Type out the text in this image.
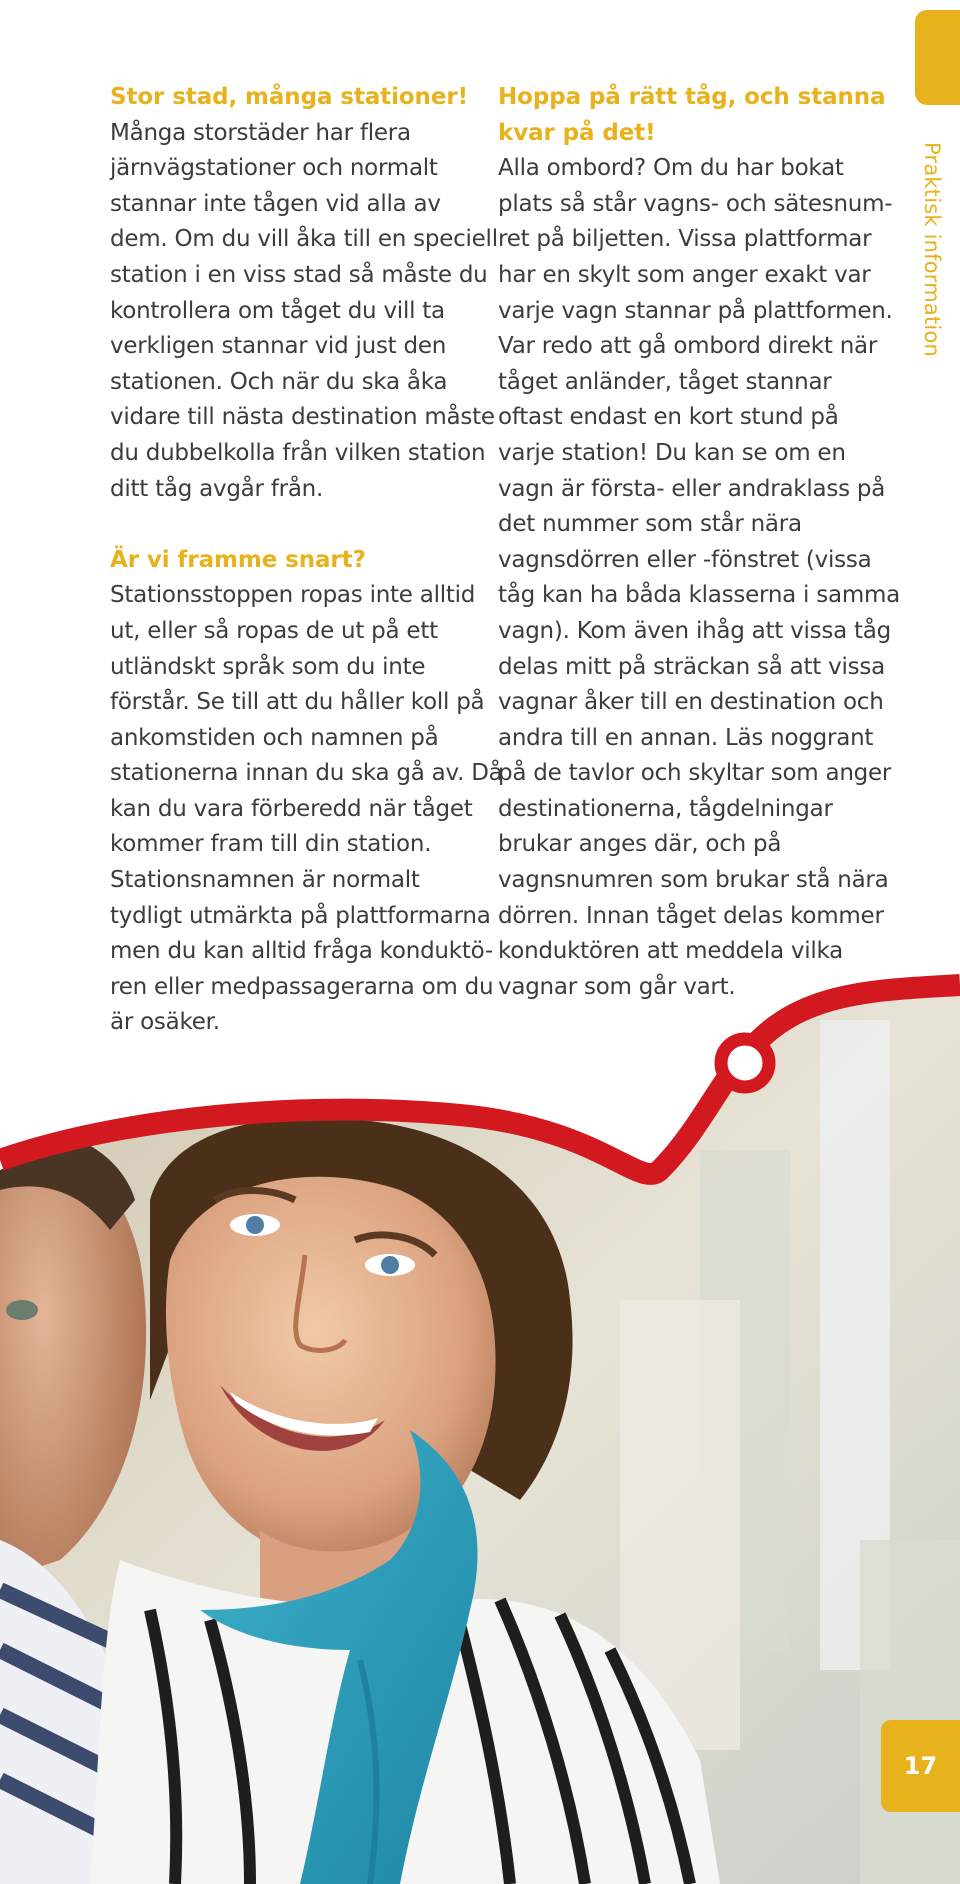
Praktisk information
Stor stad, många stationer!

Många storstäder har flera
järnvägstationer och normalt
stannar inte tågen vid alla av
dem. Om du vill åka till en speciell
station i en viss stad så måste du
kontrollera om tåget du vill ta
verkligen stannar vid just den
stationen. Och när du ska åka
vidare till nästa destination måste
du dubbelkolla från vilken station
ditt tåg avgår från.

Är vi framme snart?

Stationsstoppen ropas inte alltid
ut, eller så ropas de ut på ett
utländskt språk som du inte
förstår. Se till att du håller koll på
ankomstiden och namnen på
stationerna innan du ska gå av. Då
kan du vara förberedd när tåget
kommer fram till din station.
Stationsnamnen är normalt
tydligt utmärkta på plattformarna
men du kan alltid fråga konduktö-
ren eller medpassagerarna om du
är osäker.

Hoppa på rätt tåg, och stanna
kvar på det!

Alla ombord? Om du har bokat
plats så står vagns- och sätesnum-
ret på biljetten. Vissa plattformar
har en skylt som anger exakt var
varje vagn stannar på plattformen.
Var redo att gå ombord direkt när
tåget anländer, tåget stannar
oftast endast en kort stund på
varje station! Du kan se om en
vagn är första- eller andraklass på
det nummer som står nära
vagnsdörren eller -fönstret (vissa
tåg kan ha båda klasserna i samma
vagn). Kom även ihåg att vissa tåg
delas mitt på sträckan så att vissa
vagnar åker till en destination och
andra till en annan. Läs noggrant
på de tavlor och skyltar som anger
destinationerna, tågdelningar
brukar anges där, och på
vagnsnumren som brukar stå nära
dörren. Innan tåget delas kommer
konduktören att meddela vilka
vagnar som går vart.

17
